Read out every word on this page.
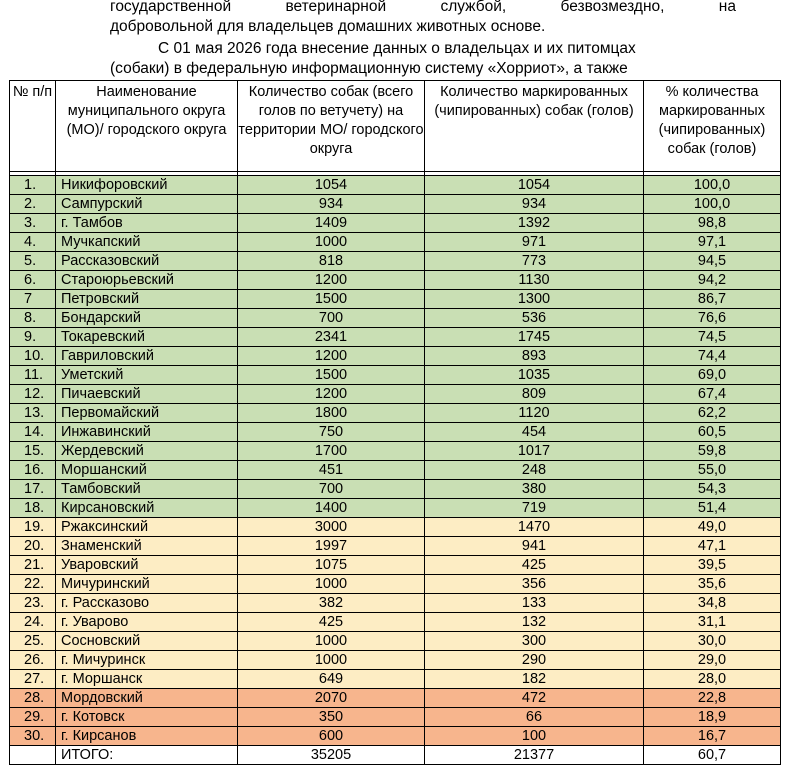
государственной	ветеринарной	службой,	безвозмездно,	на
добровольной для владельцев домашних животных основе.
С 01 мая 2026 года внесение данных о владельцах и их питомцах
(собаки) в федеральную информационную систему «Хорриот», а также
№ п/п	Наименование муниципального округа (МО)/ городского округа	Количество собак (всего голов по ветучету) на территории МО/ городского округа	Количество маркированных (чипированных) собак (голов)	% количества маркированных (чипированных) собак (голов)

1.	Никифоровский	1054	1054	100,0
2.	Сампурский	934	934	100,0
3.	г. Тамбов	1409	1392	98,8
4.	Мучкапский	1000	971	97,1
5.	Рассказовский	818	773	94,5
6.	Староюрьевский	1200	1130	94,2
7	Петровский	1500	1300	86,7
8.	Бондарский	700	536	76,6
9.	Токаревский	2341	1745	74,5
10.	Гавриловский	1200	893	74,4
11.	Уметский	1500	1035	69,0
12.	Пичаевский	1200	809	67,4
13.	Первомайский	1800	1120	62,2
14.	Инжавинский	750	454	60,5
15.	Жердевский	1700	1017	59,8
16.	Моршанский	451	248	55,0
17.	Тамбовский	700	380	54,3
18.	Кирсановский	1400	719	51,4
19.	Ржаксинский	3000	1470	49,0
20.	Знаменский	1997	941	47,1
21.	Уваровский	1075	425	39,5
22.	Мичуринский	1000	356	35,6
23.	г. Рассказово	382	133	34,8
24.	г. Уварово	425	132	31,1
25.	Сосновский	1000	300	30,0
26.	г. Мичуринск	1000	290	29,0
27.	г. Моршанск	649	182	28,0
28.	Мордовский	2070	472	22,8
29.	г. Котовск	350	66	18,9
30.	г. Кирсанов	600	100	16,7
	ИТОГО:	35205	21377	60,7
